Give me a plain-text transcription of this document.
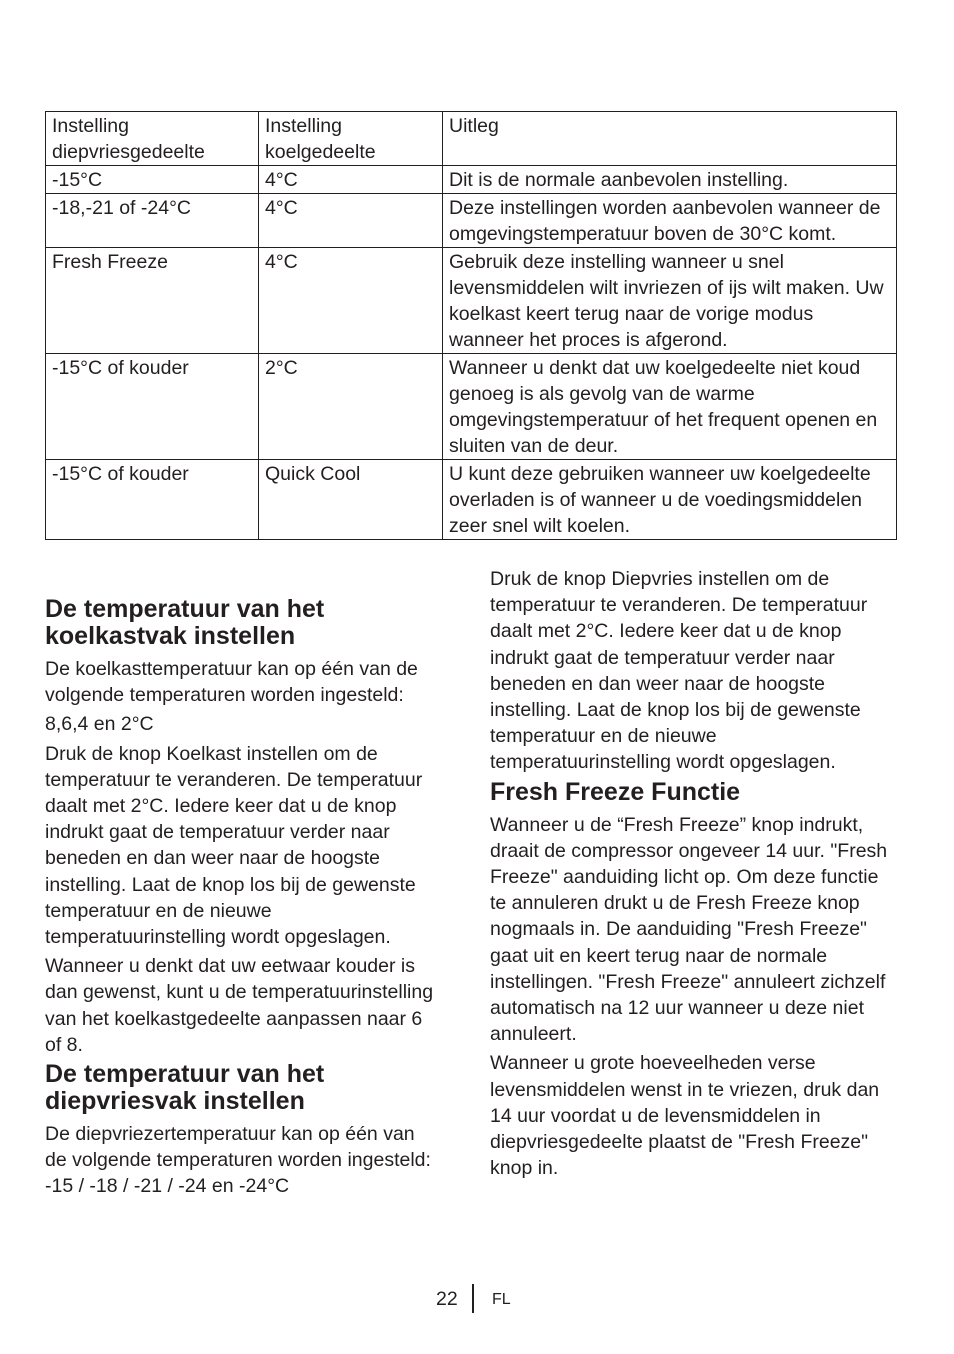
Instelling diepvriesgedeelte	Instelling koelgedeelte	Uitleg
-15°C	4°C	Dit is de normale aanbevolen instelling.
-18,-21 of -24°C	4°C	Deze instellingen worden aanbevolen wanneer de omgevingstemperatuur boven de 30°C komt.
Fresh Freeze	4°C	Gebruik deze instelling wanneer u snel levensmiddelen wilt invriezen of ijs wilt maken. Uw koelkast keert terug naar de vorige modus wanneer het proces is afgerond.
-15°C of kouder	2°C	Wanneer u denkt dat uw koelgedeelte niet koud genoeg is als gevolg van de warme omgevingstemperatuur of het frequent openen en sluiten van de deur.
-15°C of kouder	Quick Cool	U kunt deze gebruiken wanneer uw koelgedeelte overladen is of wanneer u de voedingsmiddelen zeer snel wilt koelen.
De temperatuur van het koelkastvak instellen

De koelkasttemperatuur kan op één van de volgende temperaturen worden ingesteld:

8,6,4 en 2°C

Druk de knop Koelkast instellen om de temperatuur te veranderen. De temperatuur daalt met 2°C. Iedere keer dat u de knop indrukt gaat de temperatuur verder naar beneden en dan weer naar de hoogste instelling. Laat de knop los bij de gewenste temperatuur en de nieuwe temperatuurinstelling wordt opgeslagen.

Wanneer u denkt dat uw eetwaar kouder is dan gewenst, kunt u de temperatuurinstelling van het koelkastgedeelte aanpassen naar 6 of 8.

De temperatuur van het diepvriesvak instellen

De diepvriezertemperatuur kan op één van de volgende temperaturen worden ingesteld: -15 / -18 / -21 / -24 en -24°C

Druk de knop Diepvries instellen om de temperatuur te veranderen. De temperatuur daalt met 2°C. Iedere keer dat u de knop indrukt gaat de temperatuur verder naar beneden en dan weer naar de hoogste instelling. Laat de knop los bij de gewenste temperatuur en de nieuwe temperatuurinstelling wordt opgeslagen.

Fresh Freeze Functie

Wanneer u de “Fresh Freeze” knop indrukt, draait de compressor ongeveer 14 uur. "Fresh Freeze" aanduiding licht op. Om deze functie te annuleren drukt u de Fresh Freeze knop nogmaals in. De aanduiding "Fresh Freeze" gaat uit en keert terug naar de normale instellingen. "Fresh Freeze" annuleert zichzelf automatisch na 12 uur wanneer u deze niet annuleert.

Wanneer u grote hoeveelheden verse levensmiddelen wenst in te vriezen, druk dan 14 uur voordat u de levensmiddelen in diepvriesgedeelte plaatst de "Fresh Freeze" knop in.

22 FL
